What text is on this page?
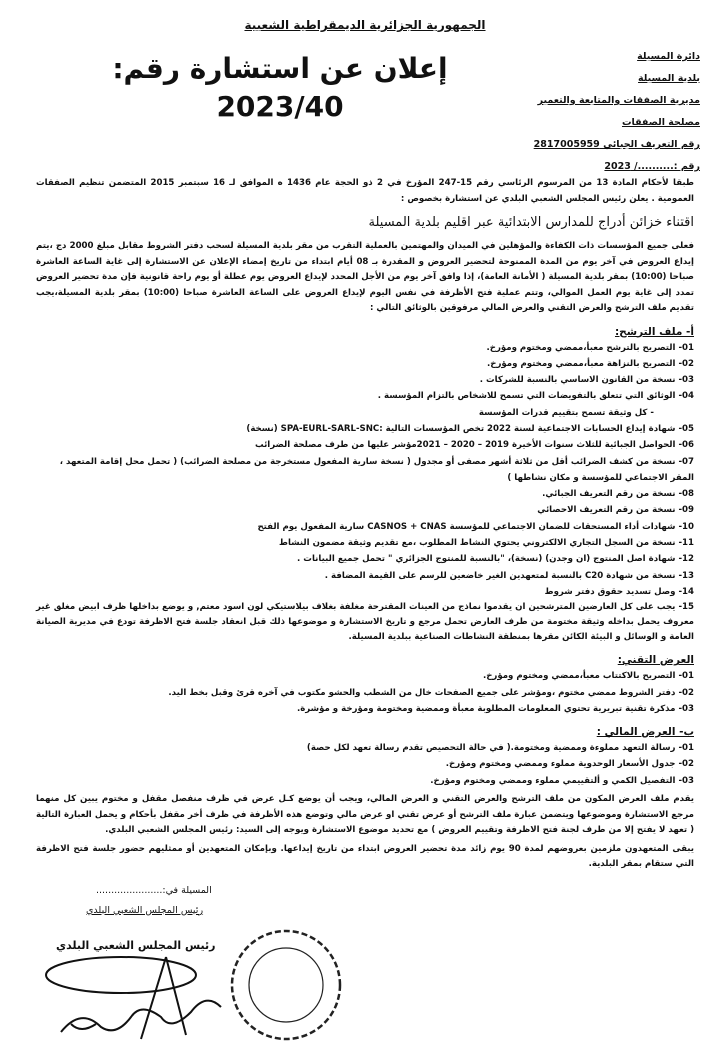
الجمهورية الجزائرية الديمقراطية الشعبية
دائرة المسيلة
بلدية المسيلة
مديرية الصفقات والمتابعة والتعمير
مصلحة الصفقات
رقم التعريف الجبائي 2817005959
رقم :........../ 2023
إعلان عن استشارة رقم: 2023/40
طبقا لأحكام المادة 13 من المرسوم الرئاسي رقم 15-247 المؤرخ في 2 ذو الحجة عام 1436 ه الموافق لـ 16 سبتمبر 2015 المتضمن تنظيم الصفقات العمومية . يعلن رئيس المجلس الشعبي البلدي عن استشارة بخصوص :
اقتناء خزائن أدراج للمدارس الابتدائية عبر اقليم بلدية المسيلة
فعلى جميع المؤسسات ذات الكفاءة والمؤهلين في الميدان والمهتمين بالعملية التقرب من مقر بلدية المسيلة لسحب دفتر الشروط مقابل مبلغ 2000 دج ،يتم إيداع العروض في آخر يوم من المدة الممنوحة لتحضير العروض و المقدرة بـ 08 أيام ابتداء من تاريخ إمضاء الإعلان عن الاستشارة إلى غاية الساعة العاشرة صباحا (10:00) بمقر بلدية المسيلة ( الأمانة العامة)، إذا وافق آخر يوم من الأجل المحدد لإيداع العروض يوم عطلة أو يوم راحة قانونية فإن مدة تحضير العروض تمدد إلى غاية يوم العمل الموالي، وتتم عملية فتح الأظرفة في نفس اليوم لإيداع العروض على الساعة العاشرة صباحا (10:00) بمقر بلدية المسيلة،يجب تقديم ملف الترشح والعرض التقني والعرض المالي مرفوقين بالوثائق التالي :
أ- ملف الترشح:
01- التصريح بالترشح معبأ،ممضي ومختوم ومؤرخ.
02- التصريح بالنزاهة معبأ،ممضي ومختوم ومؤرخ.
03- نسخة من القانون الاساسي بالنسبة للشركات .
04- الوثائق التي تتعلق بالتفويضات التي تسمح للاشخاص بالتزام المؤسسة .
- كل وثيقة تسمح بتقييم قدرات المؤسسة
05- شهادة إيداع الحسابات الاجتماعية لسنة 2022 تخص المؤسسات التالية :SPA-EURL-SARL-SNC (نسخة)
06- الحواصل الجبائية للثلاث سنوات الأخيرة 2019 – 2020 – 2021مؤشر عليها من طرف مصلحة الضرائب
07- نسخة من كشف الضرائب أقل من ثلاثة أشهر مصفى أو مجدول ( نسخة سارية المفعول مستخرجة من مصلحة الضرائب) ( تحمل محل إقامة المتعهد ، المقر الاجتماعي للمؤسسة و مكان نشاطها )
08- نسخة من رقم التعريف الجبائي.
09- نسخة من رقم التعريف الاحصائي
10- شهادات أداء المستحقات للضمان الاجتماعي للمؤسسة CASNOS + CNAS سارية المفعول يوم الفتح
11- نسخة من السجل التجاري الالكتروني يحتوي النشاط المطلوب ،مع تقديم وثيقة مضمون النشاط
12- شهادة اصل المنتوج (ان وجدن) (نسخة)، "بالنسبة للمنتوج الجزائري " تحمل جميع البيانات .
13- نسخة من شهادة C20 بالنسبة لمتعهدين الغير خاضعين للرسم على القيمة المضافة .
14- وصل تسديد حقوق دفتر شروط
15- يجب على كل العارضين المترشحين ان يقدموا نماذج من العينات المقترحة مغلفة بغلاف بيلاستيكي لون اسود معتم, و يوضع بداخلها ظرف ابيض مغلق غير معروف يحمل بداخله وثيقة مختومة من طرف العارض تحمل مرجع و تاريخ الاستشارة و موضوعها ذلك قبل انعقاد جلسة فتح الاظرفة تودع في مديرية الصيانة العامة و الوسائل و البيئة الكائن مقرها بمنطقة النشاطات الصناعية ببلدية المسيلة.
العرض التقني:
01- التصريح بالاكتتاب معبأ،ممضي ومختوم ومؤرخ.
02- دفتر الشروط ممضي مختوم ،ومؤشر على جميع الصفحات خال من الشطب والحشو مكتوب في آخره قرئ وقبل بخط اليد.
03- مذكرة تقنية تبريرية تحتوي المعلومات المطلوبة معبأة وممضية ومختومة ومؤرخة و مؤشرة.
ب- العرض المالي :
01- رسالة التعهد مملوءة وممضية ومختومة.( في حالة التحصيص تقدم رسالة تعهد لكل حصة)
02- جدول الأسعار الوحدوية مملوء وممضي ومختوم ومؤرخ.
03- التفصيل الكمي و ألتقييمي مملوء وممضي ومختوم ومؤرخ.
يقدم ملف العرض المكون من ملف الترشح والعرض التقني و العرض المالي، ويجب أن يوضع كـل عرض في ظرف منفصل مقفل و مختوم يبين كل منهما مرجع الاستشارة وموضوعها ويتضمن عبارة ملف الترشح أو عرض تقني او عرض مالي وتوضع هذه الأظرفة في ظرف أخر مقفل بأحكام و يحمل العبارة التالية ( تعهد لا يفتح إلا من طرف لجنة فتح الاظرفة وتقييم العروض ) مع تحديد موضوع الاستشارة ويوجه إلى السيد: رئيس المجلس الشعبي البلدي.
يبقى المتعهدون ملزمين بعروضهم لمدة 90 يوم زائد مدة تحضير العروض ابتداء من تاريخ إيداعها. وبإمكان المتعهدين أو ممثليهم حضور جلسة فتح الاظرفة التي ستقام بمقر البلدية.
المسيلة في:......................
رئيس المجلس الشعبي البلدي
رئيس المجلس الشعبي البلدي
